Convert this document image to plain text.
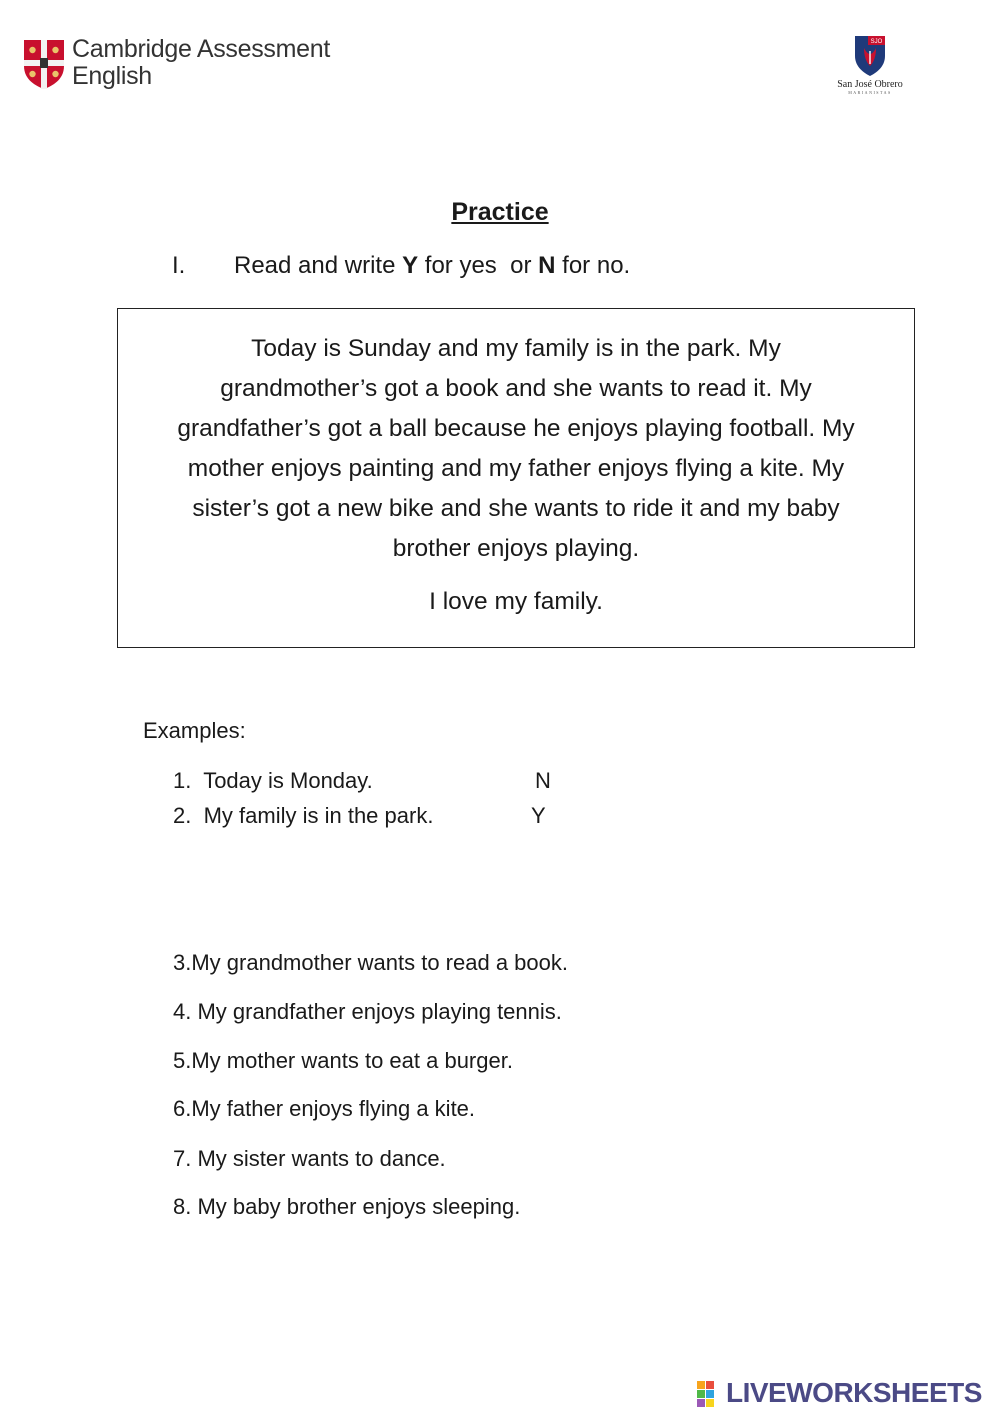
Cambridge Assessment
English
SJO
San José Obrero
MARIANISTAS
Practice
I. Read and write Y for yes  or N for no.
Today is Sunday and my family is in the park. My
grandmother’s got a book and she wants to read it. My
grandfather’s got a ball because he enjoys playing football. My
mother enjoys painting and my father enjoys flying a kite. My
sister’s got a new bike and she wants to ride it and my baby
brother enjoys playing.
I love my family.
Examples:
1. Today is Monday.	N
2. My family is in the park.	Y
3.My grandmother wants to read a book.
4. My grandfather enjoys playing tennis.
5.My mother wants to eat a burger.
6.My father enjoys flying a kite.
7. My sister wants to dance.
8. My baby brother enjoys sleeping.
LIVEWORKSHEETS
